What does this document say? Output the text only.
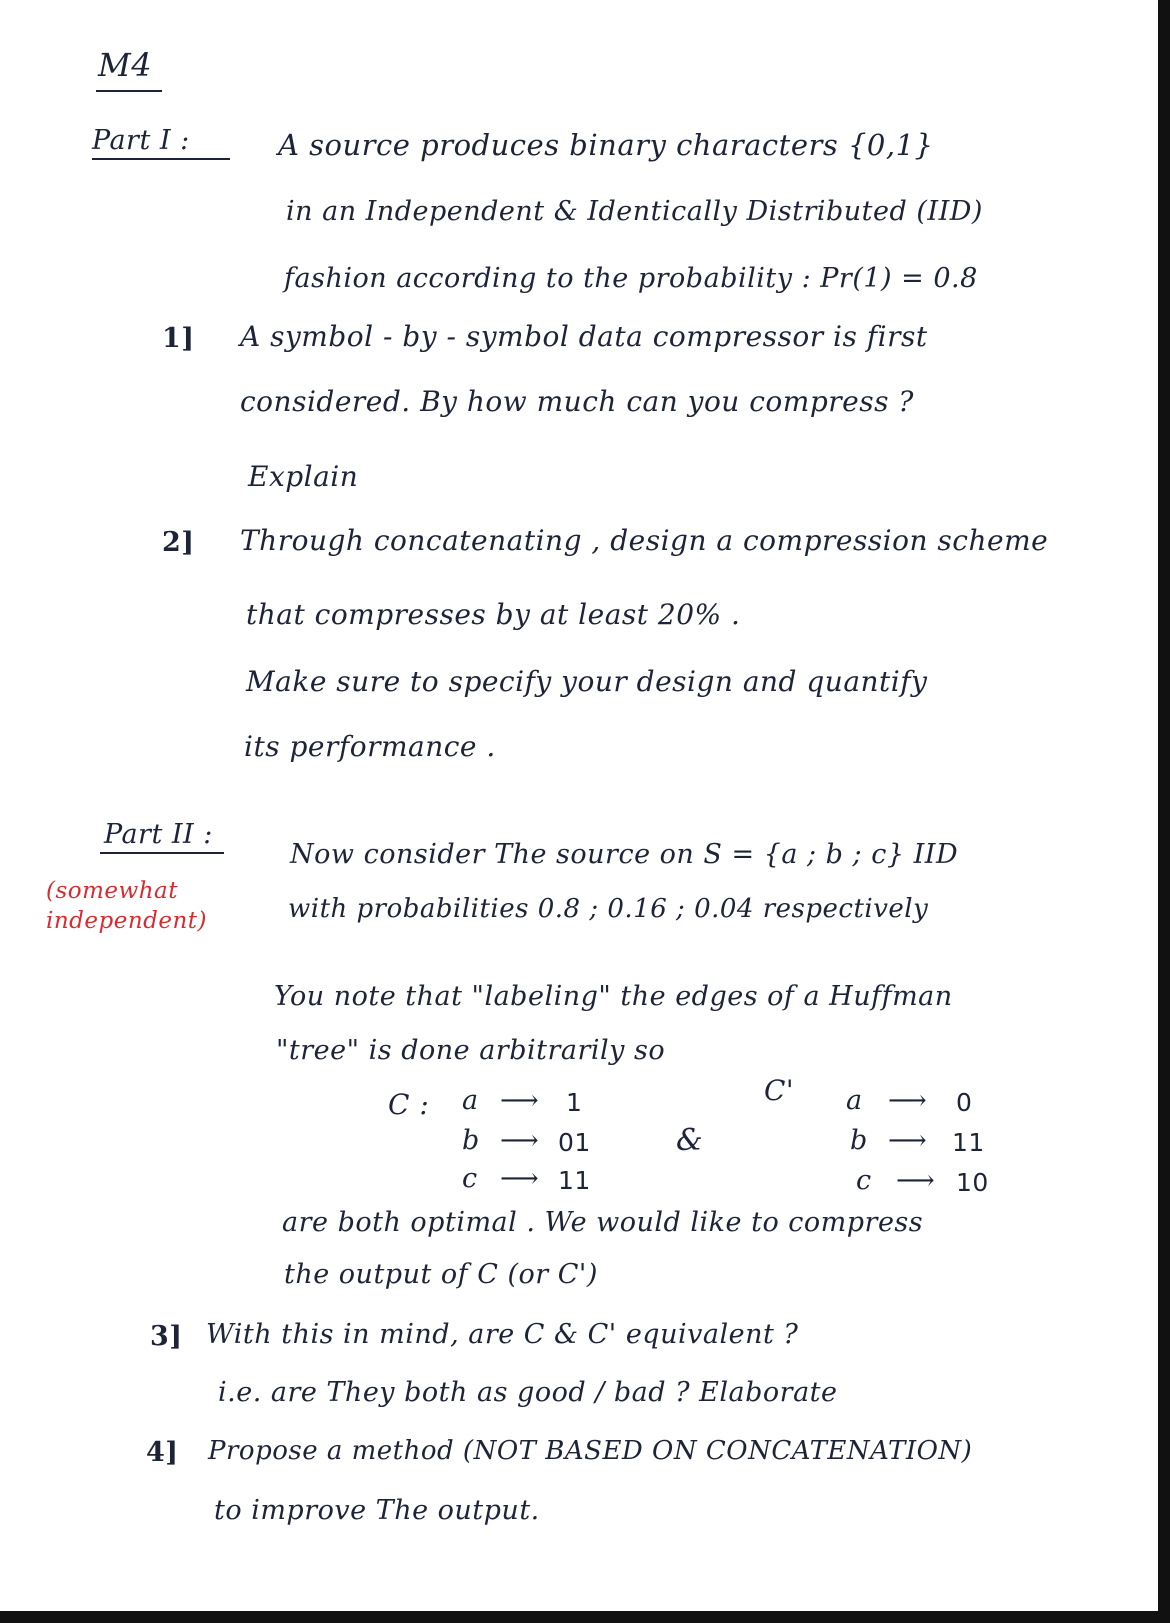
M4
Part I :	A source produces binary characters {0,1}
in an Independent & Identically Distributed (IID)
fashion according to the probability : Pr(1) = 0.8
1] A symbol - by - symbol data compressor is first
considered. By how much can you compress ?
Explain
2] Through concatenating , design a compression scheme
that compresses by at least 20% .
Make sure to specify your design and quantify
its performance .
Part II :
(somewhat independent)
Now consider The source on S = {a ; b ; c} IID
with probabilities 0.8 ; 0.16 ; 0.04 respectively
You note that "labeling" the edges of a Huffman
"tree" is done arbitrarily so
C : a ⟶ 1
b ⟶ 01
c ⟶ 11
&
C' a ⟶ 0
b ⟶ 11
c ⟶ 10
are both optimal . We would like to compress
the output of C (or C')
3] With this in mind, are C & C' equivalent ?
i.e. are They both as good / bad ? Elaborate
4] Propose a method (NOT BASED ON CONCATENATION)
to improve The output.
